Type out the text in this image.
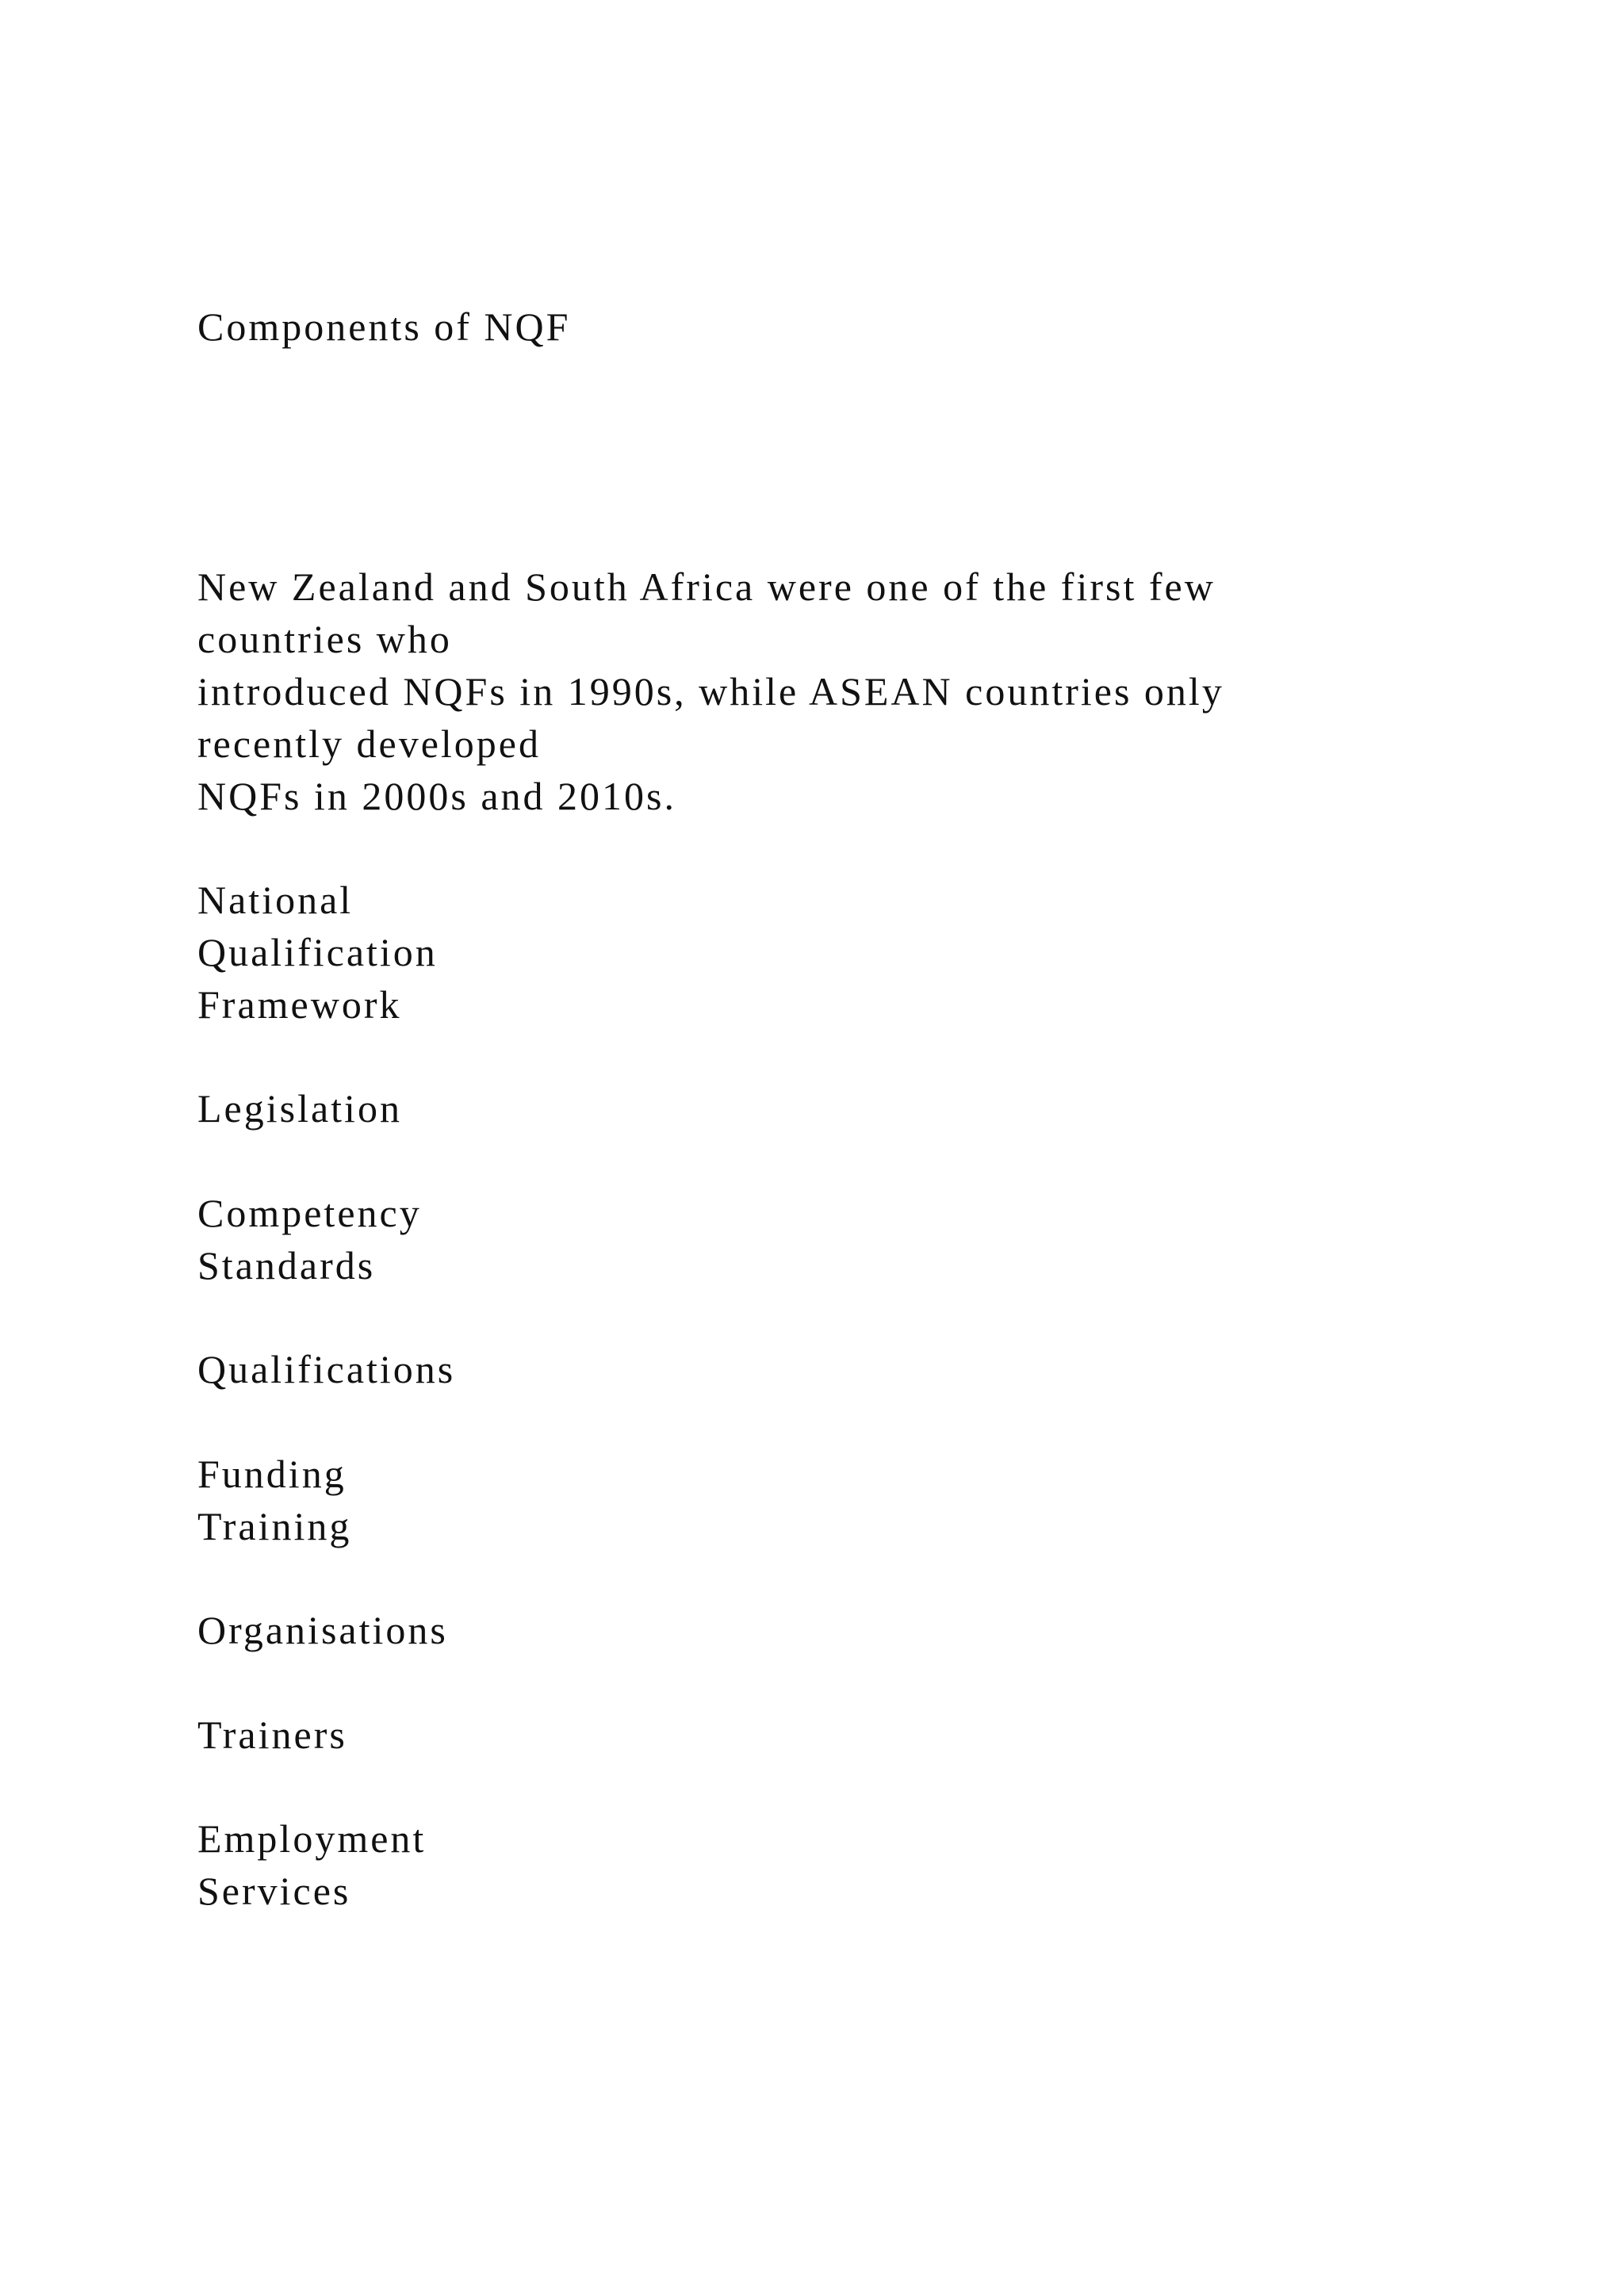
Components of NQF

New Zealand and South Africa were one of the first few

countries who

introduced NQFs in 1990s, while ASEAN countries only

recently developed

NQFs in 2000s and 2010s.

National

Qualification

Framework

Legislation

Competency

Standards

Qualifications

Funding

Training

Organisations

Trainers

Employment

Services
